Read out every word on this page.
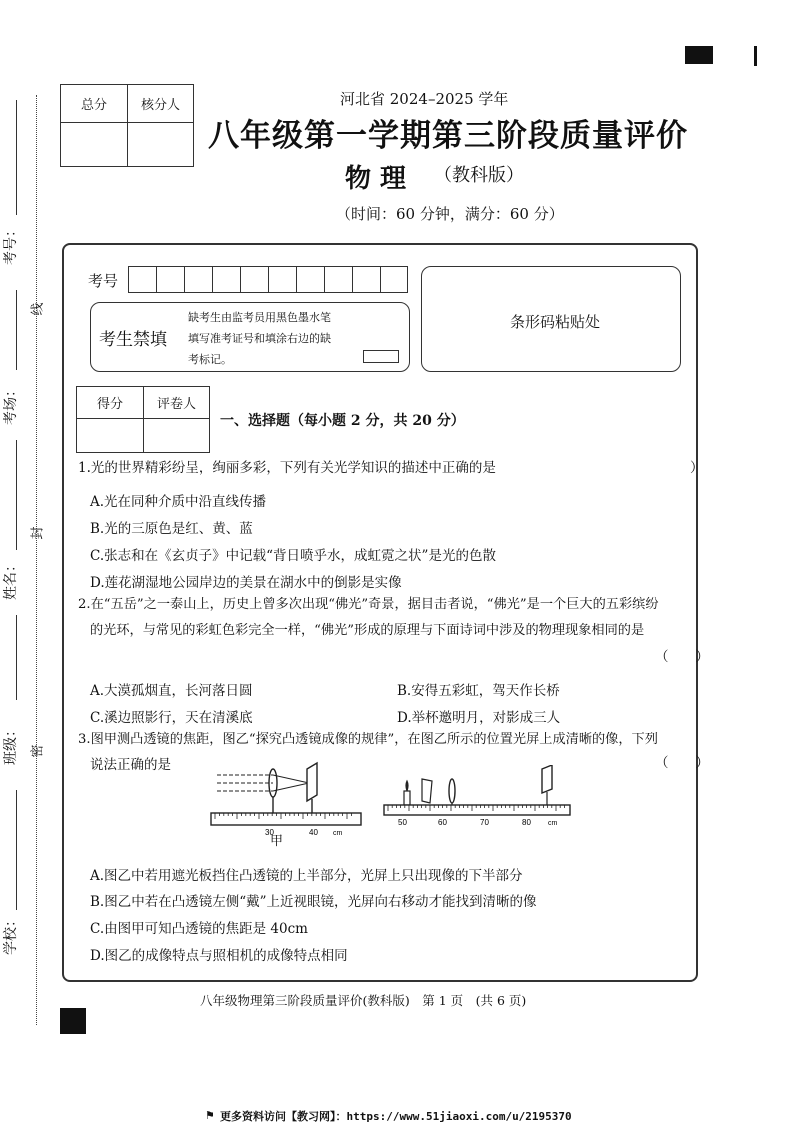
考号：
考场：
姓名：
班级：
学校：
线
封
密
总分	核分人
		河北省 2024–2025 学年
八年级第一学期第三阶段质量评价
物 理 （教科版）
（时间：60 分钟，满分：60 分）
考号
考生禁填
缺考生由监考员用黑色墨水笔
填写准考证号和填涂右边的缺
考标记。
条形码粘贴处
得分	评卷人

一、选择题（每小题 2 分，共 20 分）
1.光的世界精彩纷呈，绚丽多彩，下列有关光学知识的描述中正确的是	）
A.光在同种介质中沿直线传播
B.光的三原色是红、黄、蓝
C.张志和在《玄贞子》中记载“背日喷乎水，成虹霓之状”是光的色散
D.莲花湖湿地公园岸边的美景在湖水中的倒影是实像
2.在“五岳”之一泰山上，历史上曾多次出现“佛光”奇景，据目击者说，“佛光”是一个巨大的五彩缤纷
的光环，与常见的彩虹色彩完全一样，“佛光”形成的原理与下面诗词中涉及的物理现象相同的是
（　　）
A.大漠孤烟直，长河落日圆	B.安得五彩虹，驾天作长桥
C.溪边照影行，天在清溪底	D.举杯邀明月，对影成三人
3.图甲测凸透镜的焦距，图乙“探究凸透镜成像的规律”，在图乙所示的位置光屏上成清晰的像，下列
说法正确的是	（　　）
30	40 cm
甲
50	60	70	80 cm
A.图乙中若用遮光板挡住凸透镜的上半部分，光屏上只出现像的下半部分
B.图乙中若在凸透镜左侧“戴”上近视眼镜，光屏向右移动才能找到清晰的像
C.由图甲可知凸透镜的焦距是 40cm
D.图乙的成像特点与照相机的成像特点相同
八年级物理第三阶段质量评价(教科版)　第 1 页　(共 6 页)
⚑ 更多资料访问【教习网】：https://www.51jiaoxi.com/u/2195370
